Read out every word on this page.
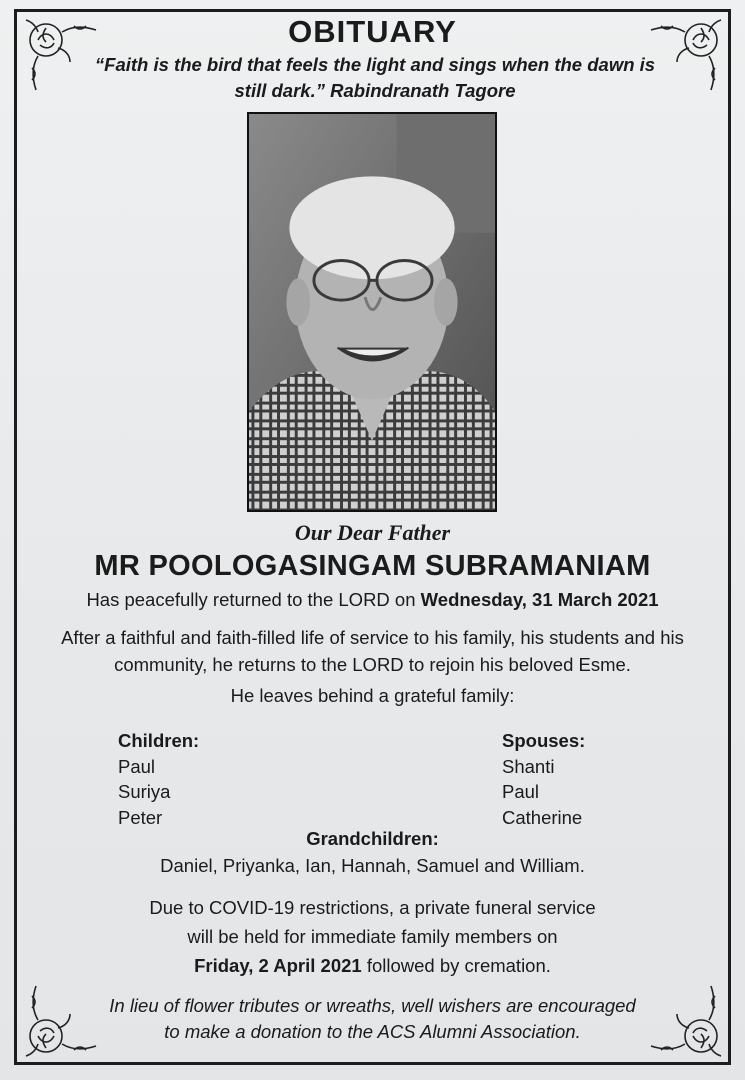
OBITUARY
“Faith is the bird that feels the light and sings when the dawn is still dark.” Rabindranath Tagore
Our Dear Father
MR POOLOGASINGAM SUBRAMANIAM
Has peacefully returned to the LORD on Wednesday, 31 March 2021
After a faithful and faith-filled life of service to his family, his students and his community, he returns to the LORD to rejoin his beloved Esme.
He leaves behind a grateful family:
Children:
Paul
Suriya
Peter
Spouses:
Shanti
Paul
Catherine
Grandchildren:
Daniel, Priyanka, Ian, Hannah, Samuel and William.
Due to COVID-19 restrictions, a private funeral service
will be held for immediate family members on
Friday, 2 April 2021 followed by cremation.
In lieu of flower tributes or wreaths, well wishers are encouraged
to make a donation to the ACS Alumni Association.
